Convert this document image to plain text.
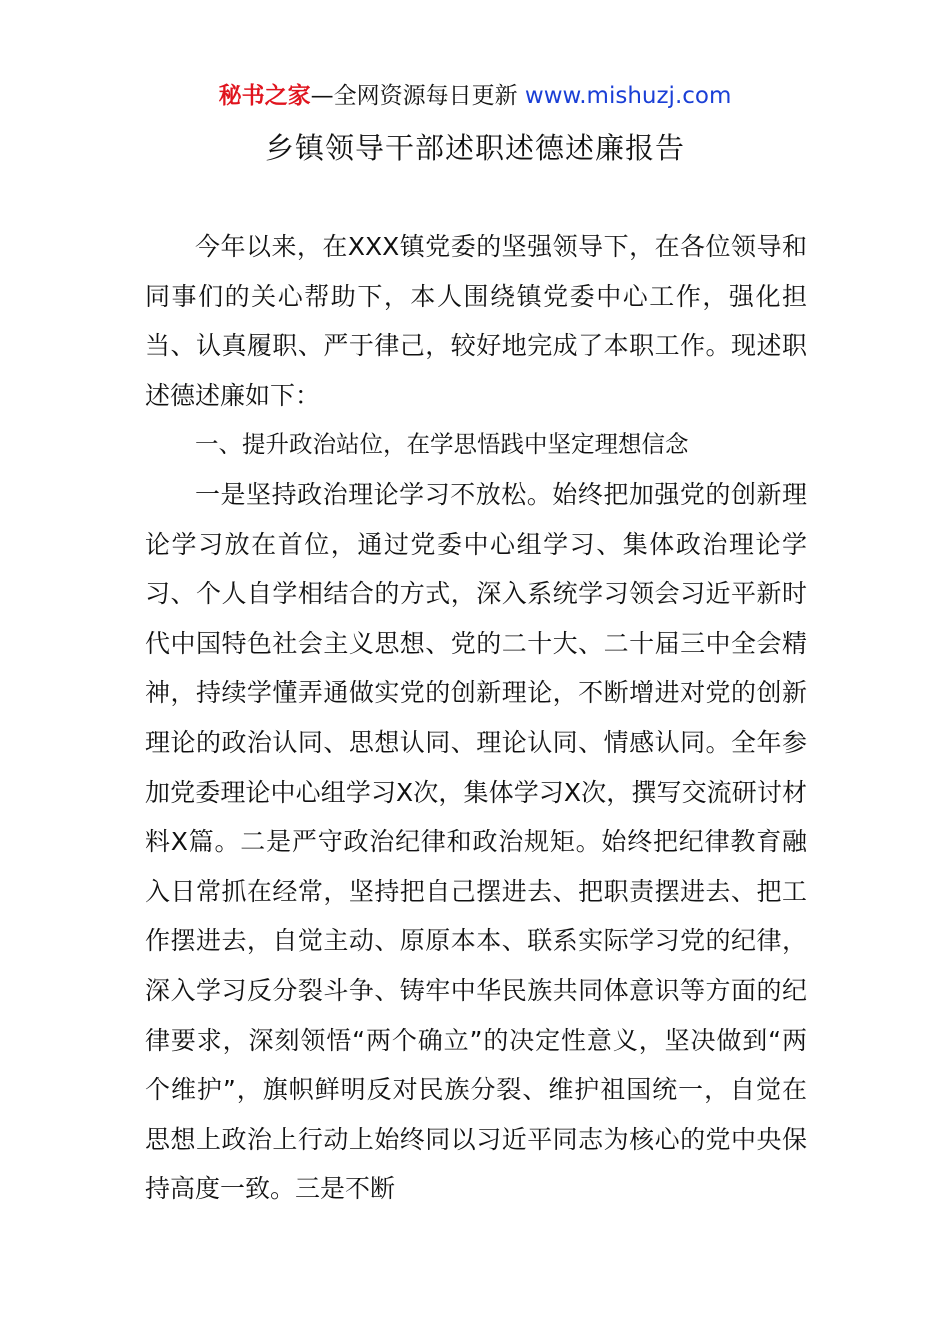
秘书之家—全网资源每日更新 www.mishuzj.com
乡镇领导干部述职述德述廉报告

今年以来，在XXX镇党委的坚强领导下，在各位领导和同事们的关心帮助下，本人围绕镇党委中心工作，强化担当、认真履职、严于律己，较好地完成了本职工作。现述职述德述廉如下：

一、提升政治站位，在学思悟践中坚定理想信念

一是坚持政治理论学习不放松。始终把加强党的创新理论学习放在首位，通过党委中心组学习、集体政治理论学习、个人自学相结合的方式，深入系统学习领会习近平新时代中国特色社会主义思想、党的二十大、二十届三中全会精神，持续学懂弄通做实党的创新理论，不断增进对党的创新理论的政治认同、思想认同、理论认同、情感认同。全年参加党委理论中心组学习X次，集体学习X次，撰写交流研讨材料X篇。二是严守政治纪律和政治规矩。始终把纪律教育融入日常抓在经常，坚持把自己摆进去、把职责摆进去、把工作摆进去，自觉主动、原原本本、联系实际学习党的纪律，深入学习反分裂斗争、铸牢中华民族共同体意识等方面的纪律要求，深刻领悟“两个确立”的决定性意义，坚决做到“两个维护”，旗帜鲜明反对民族分裂、维护祖国统一，自觉在思想上政治上行动上始终同以习近平同志为核心的党中央保持高度一致。三是不断
